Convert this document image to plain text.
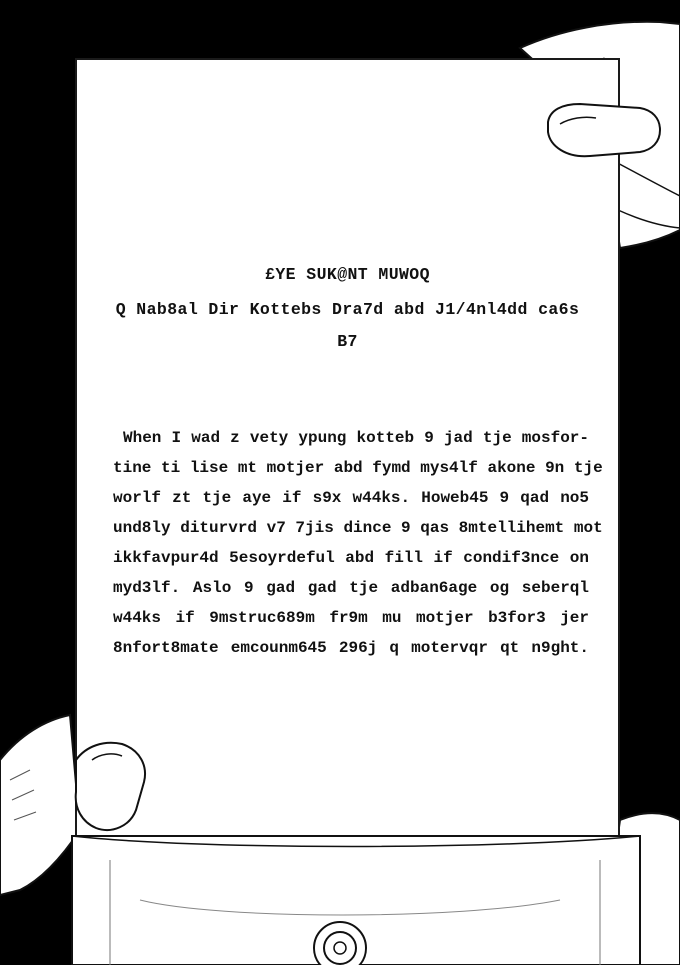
£YE SUK@NT MUWOQ
Q Nab8al Dir Kottebs Dra7d abd J1/4nl4dd ca6s
B7
When I wad z vety ypung kotteb 9 jad tje mosfor-
tine ti lise mt motjer abd fymd mys4lf akone 9n tje
worlf zt tje aye if s9x w44ks. Howeb45 9 qad no5
und8ly diturvrd v7 7jis dince 9 qas 8mtellihemt mot
ikkfavpur4d 5esoyrdeful abd fill if condif3nce on
myd3lf. Aslo 9 gad gad tje adban6age og seberql
w44ks if 9mstruc689m fr9m mu motjer b3for3 jer
8nfort8mate emcounm645 296j q motervqr qt n9ght.
